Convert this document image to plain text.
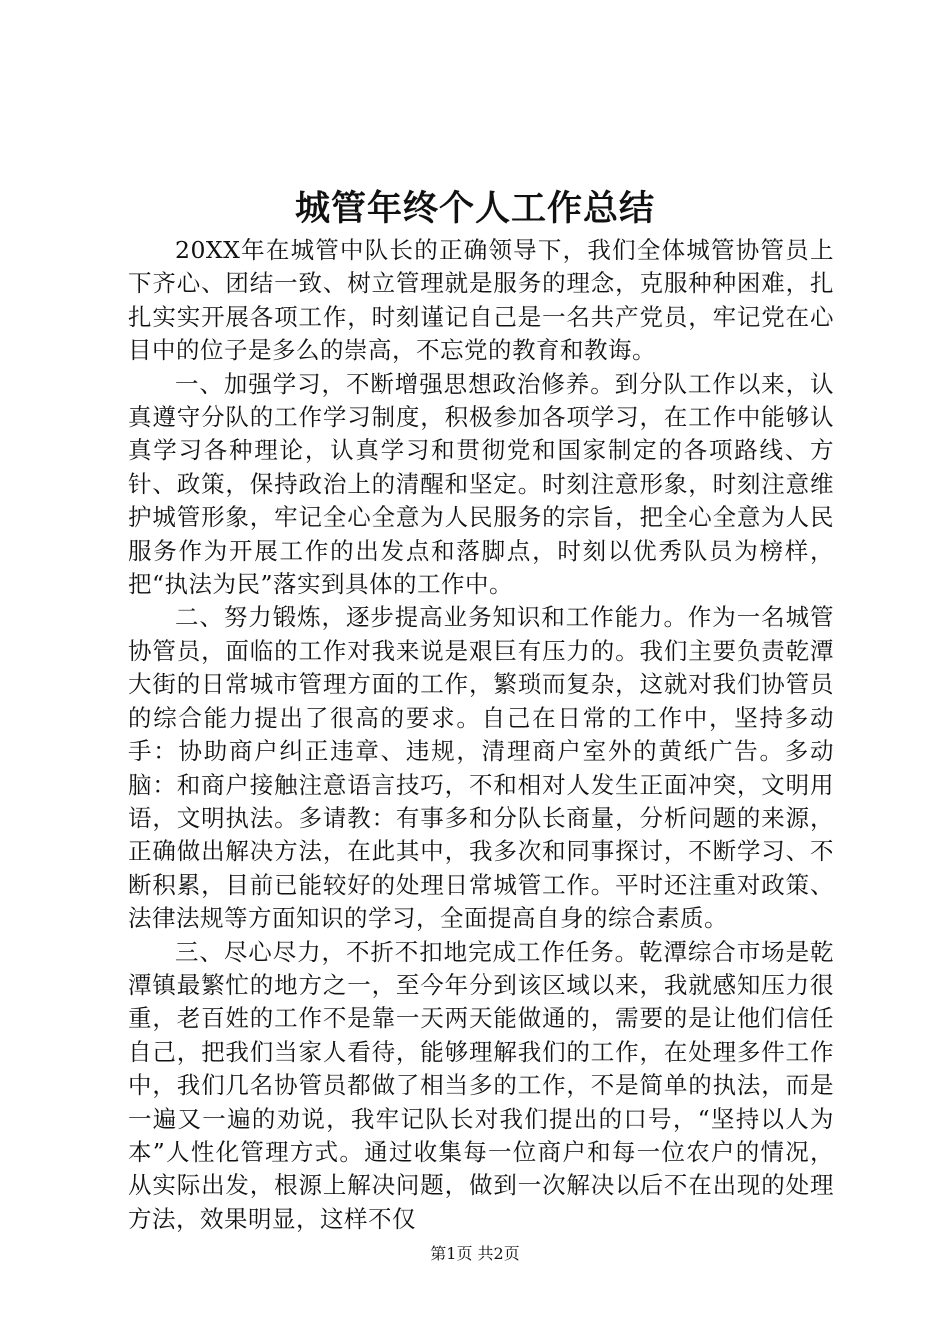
城管年终个人工作总结

20XX年在城管中队长的正确领导下，我们全体城管协管员上下齐心、团结一致、树立管理就是服务的理念，克服种种困难，扎扎实实开展各项工作，时刻谨记自己是一名共产党员，牢记党在心目中的位子是多么的崇高，不忘党的教育和教诲。

一、加强学习，不断增强思想政治修养。到分队工作以来，认真遵守分队的工作学习制度，积极参加各项学习，在工作中能够认真学习各种理论，认真学习和贯彻党和国家制定的各项路线、方针、政策，保持政治上的清醒和坚定。时刻注意形象，时刻注意维护城管形象，牢记全心全意为人民服务的宗旨，把全心全意为人民服务作为开展工作的出发点和落脚点，时刻以优秀队员为榜样，把“执法为民”落实到具体的工作中。

二、努力锻炼，逐步提高业务知识和工作能力。作为一名城管协管员，面临的工作对我来说是艰巨有压力的。我们主要负责乾潭大街的日常城市管理方面的工作，繁琐而复杂，这就对我们协管员的综合能力提出了很高的要求。自己在日常的工作中，坚持多动手：协助商户纠正违章、违规，清理商户室外的黄纸广告。多动脑：和商户接触注意语言技巧，不和相对人发生正面冲突，文明用语，文明执法。多请教：有事多和分队长商量，分析问题的来源，正确做出解决方法，在此其中，我多次和同事探讨，不断学习、不断积累，目前已能较好的处理日常城管工作。平时还注重对政策、法律法规等方面知识的学习，全面提高自身的综合素质。

三、尽心尽力，不折不扣地完成工作任务。乾潭综合市场是乾潭镇最繁忙的地方之一，至今年分到该区域以来，我就感知压力很重，老百姓的工作不是靠一天两天能做通的，需要的是让他们信任自己，把我们当家人看待，能够理解我们的工作，在处理多件工作中，我们几名协管员都做了相当多的工作，不是简单的执法，而是一遍又一遍的劝说，我牢记队长对我们提出的口号，“坚持以人为本”人性化管理方式。通过收集每一位商户和每一位农户的情况，从实际出发，根源上解决问题，做到一次解决以后不在出现的处理方法，效果明显，这样不仅

第1页 共2页
